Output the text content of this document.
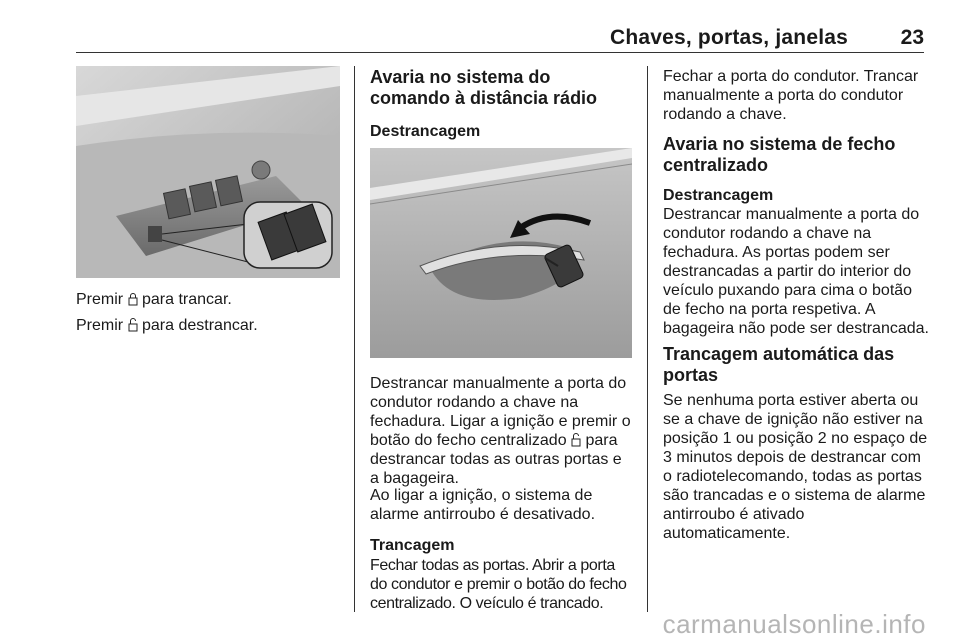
Chaves, portas, janelas	23
Premir  para trancar.
Premir  para destrancar.
Avaria no sistema do comando à distância rádio
Destrancagem
Destrancar manualmente a porta do condutor rodando a chave na fechadura. Ligar a ignição e premir o botão do fecho centralizado  para destrancar todas as outras portas e a bagageira.
Ao ligar a ignição, o sistema de alarme antirroubo é desativado.
Trancagem
Fechar todas as portas. Abrir a porta do condutor e premir o botão do fecho centralizado. O veículo é trancado.
Fechar a porta do condutor. Trancar manualmente a porta do condutor rodando a chave.
Avaria no sistema de fecho centralizado
Destrancagem
Destrancar manualmente a porta do condutor rodando a chave na fechadura. As portas podem ser destrancadas a partir do interior do veículo puxando para cima o botão de fecho na porta respetiva. A bagageira não pode ser destrancada.
Trancagem automática das portas
Se nenhuma porta estiver aberta ou se a chave de ignição não estiver na posição 1 ou posição 2 no espaço de 3 minutos depois de destrancar com o radiotelecomando, todas as portas são trancadas e o sistema de alarme antirroubo é ativado automaticamente.
carmanualsonline.info
